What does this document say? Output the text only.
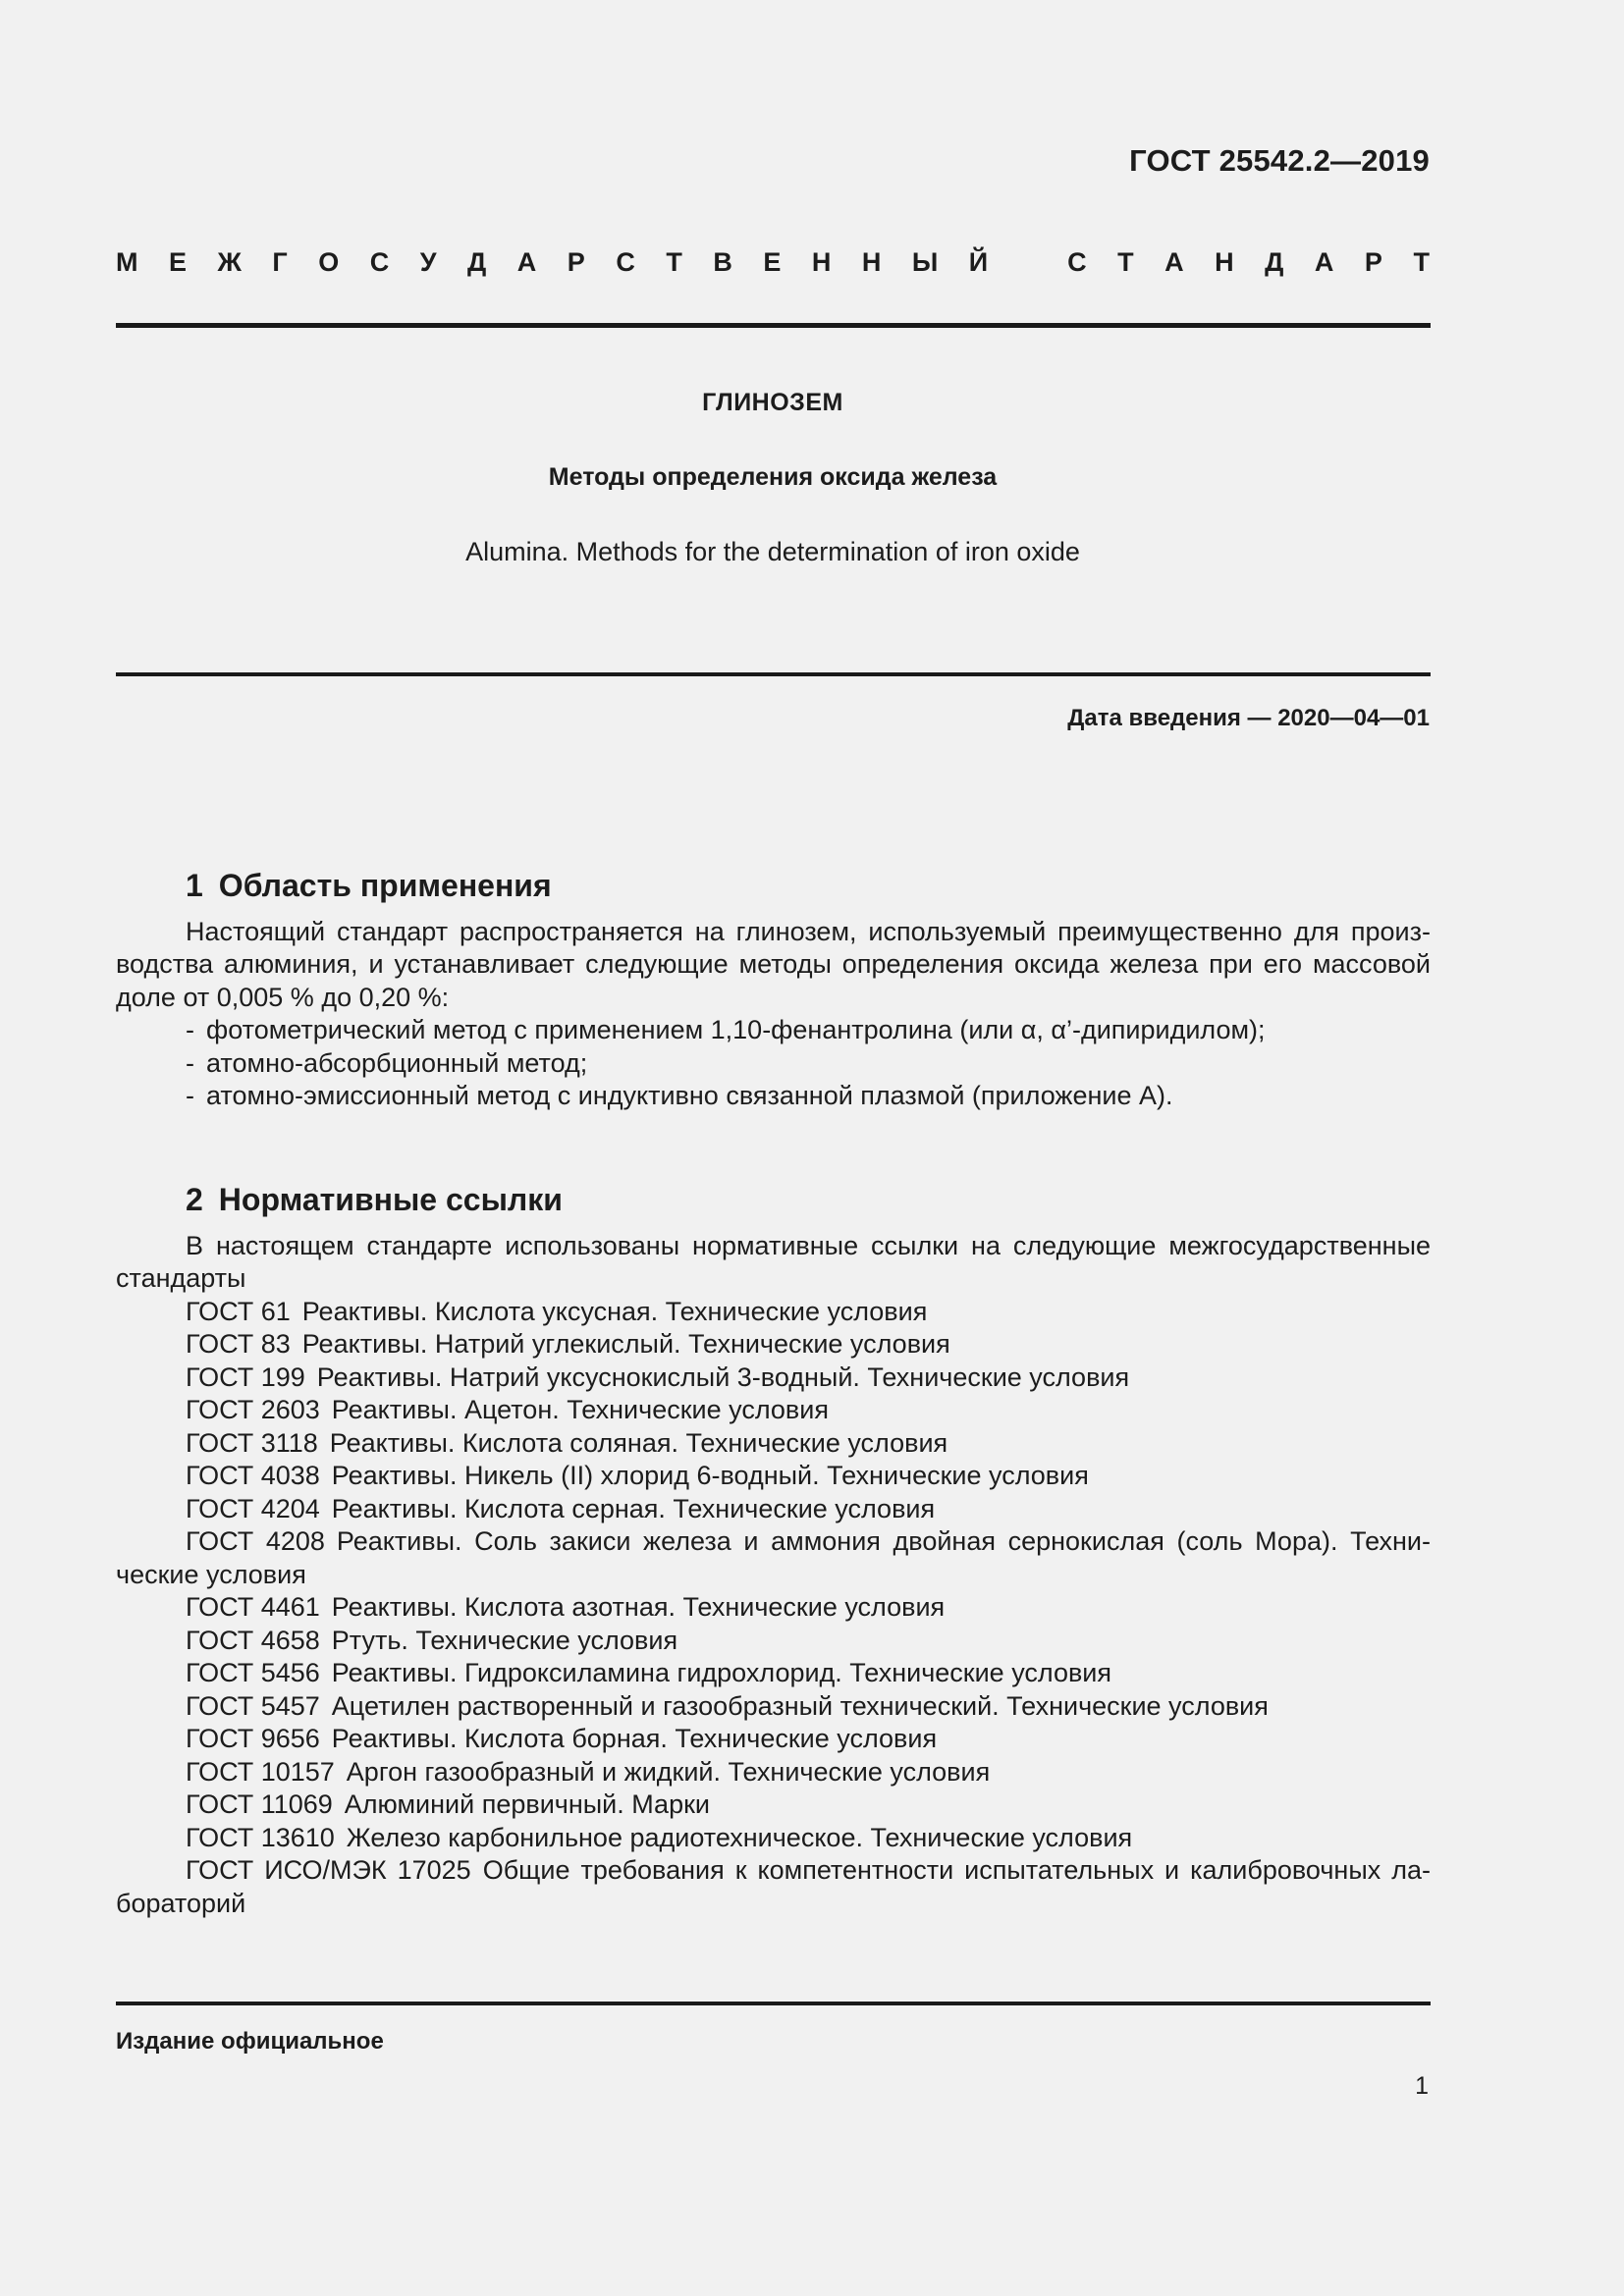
ГОСТ 25542.2—2019
М Е Ж Г О С У Д А Р С Т В Е Н Н Ы Й	С Т А Н Д А Р Т
ГЛИНОЗЕМ
Методы определения оксида железа
Alumina. Methods for the determination of iron oxide
Дата введения — 2020—04—01
1 Область применения

Настоящий стандарт распространяется на глинозем, используемый преимущественно для производства алюминия, и устанавливает следующие методы определения оксида железа при его массовой доле от 0,005 % до 0,20 %:

- фотометрический метод с применением 1,10-фенантролина (или α, α’-дипиридилом);

- атомно-абсорбционный метод;

- атомно-эмиссионный метод с индуктивно связанной плазмой (приложение А).

2 Нормативные ссылки

В настоящем стандарте использованы нормативные ссылки на следующие межгосударственные стандарты

ГОСТ 61 Реактивы. Кислота уксусная. Технические условия

ГОСТ 83 Реактивы. Натрий углекислый. Технические условия

ГОСТ 199 Реактивы. Натрий уксуснокислый 3-водный. Технические условия

ГОСТ 2603 Реактивы. Ацетон. Технические условия

ГОСТ 3118 Реактивы. Кислота соляная. Технические условия

ГОСТ 4038 Реактивы. Никель (II) хлорид 6-водный. Технические условия

ГОСТ 4204 Реактивы. Кислота серная. Технические условия

ГОСТ 4208 Реактивы. Соль закиси железа и аммония двойная сернокислая (соль Мора). Технические условия

ГОСТ 4461 Реактивы. Кислота азотная. Технические условия

ГОСТ 4658 Ртуть. Технические условия

ГОСТ 5456 Реактивы. Гидроксиламина гидрохлорид. Технические условия

ГОСТ 5457 Ацетилен растворенный и газообразный технический. Технические условия

ГОСТ 9656 Реактивы. Кислота борная. Технические условия

ГОСТ 10157 Аргон газообразный и жидкий. Технические условия

ГОСТ 11069 Алюминий первичный. Марки

ГОСТ 13610 Железо карбонильное радиотехническое. Технические условия

ГОСТ ИСО/МЭК 17025 Общие требования к компетентности испытательных и калибровочных лабораторий

Издание официальное
1
